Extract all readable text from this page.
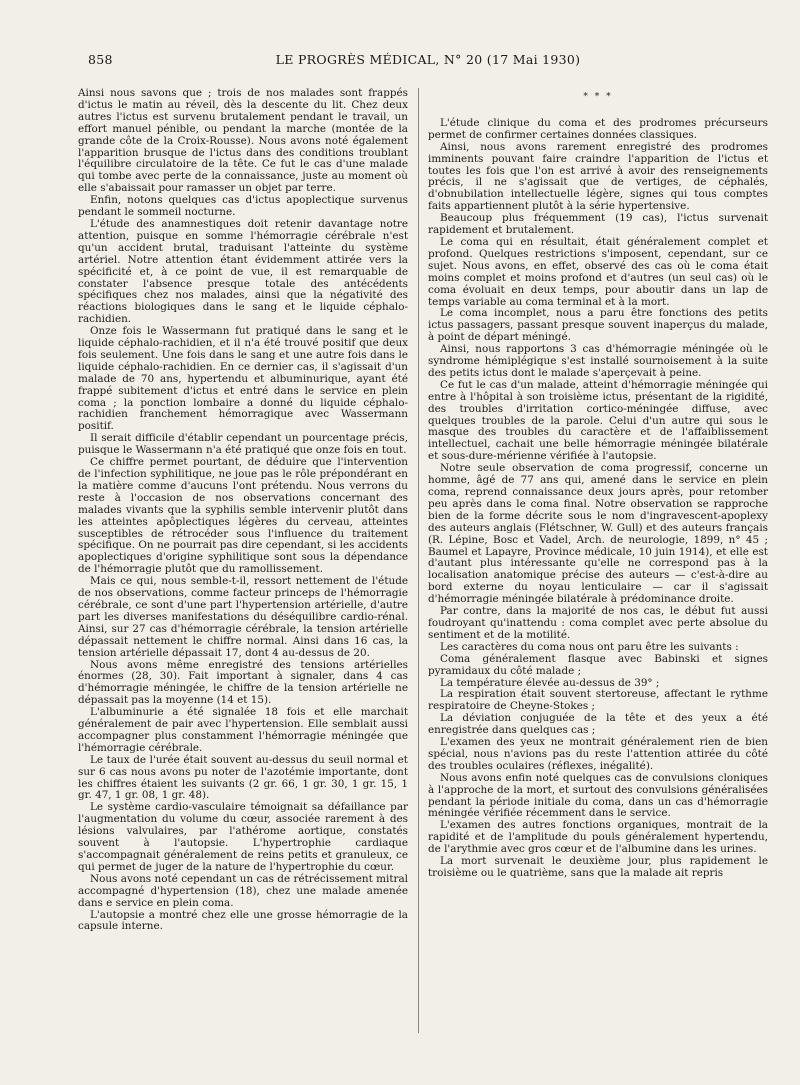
858	LE PROGRÈS MÉDICAL, N° 20 (17 Mai 1930)

Ainsi nous savons que ; trois de nos malades sont frappés d'ictus le matin au réveil, dès la descente du lit. Chez deux autres l'ictus est survenu brutalement pendant le travail, un effort manuel pénible, ou pendant la marche (montée de la grande côte de la Croix-Rousse). Nous avons noté également l'apparition brusque de l'ictus dans des conditions troublant l'équilibre circulatoire de la tête. Ce fut le cas d'une malade qui tombe avec perte de la connaissance, juste au moment où elle s'abaissait pour ramasser un objet par terre.

Enfin, notons quelques cas d'ictus apoplectique survenus pendant le sommeil nocturne.

L'étude des anamnestiques doit retenir davantage notre attention, puisque en somme l'hémorragie cérébrale n'est qu'un accident brutal, traduisant l'atteinte du système artériel. Notre attention étant évidemment attirée vers la spécificité et, à ce point de vue, il est remarquable de constater l'absence presque totale des antécédents spécifiques chez nos malades, ainsi que la négativité des réactions biologiques dans le sang et le liquide céphalo-rachidien.

Onze fois le Wassermann fut pratiqué dans le sang et le liquide céphalo-rachidien, et il n'a été trouvé positif que deux fois seulement. Une fois dans le sang et une autre fois dans le liquide céphalo-rachidien. En ce dernier cas, il s'agissait d'un malade de 70 ans, hypertendu et albuminurique, ayant été frappé subitement d'ictus et entré dans le service en plein coma ; la ponction lombaire a donné du liquide céphalo-rachidien franchement hémorragique avec Wassermann positif.

Il serait difficile d'établir cependant un pourcentage précis, puisque le Wassermann n'a été pratiqué que onze fois en tout.

Ce chiffre permet pourtant, de déduire que l'intervention de l'infection syphilitique, ne joue pas le rôle prépondérant en la matière comme d'aucuns l'ont prétendu. Nous verrons du reste à l'occasion de nos observations concernant des malades vivants que la syphilis semble intervenir plutôt dans les atteintes apôplectiques légères du cerveau, atteintes susceptibles de rétrocéder sous l'influence du traitement spécifique. On ne pourrait pas dire cependant, si les accidents apoplectiques d'origine syphilitique sont sous la dépendance de l'hémorragie plutôt que du ramollissement.

Mais ce qui, nous semble-t-il, ressort nettement de l'étude de nos observations, comme facteur princeps de l'hémorragie cérébrale, ce sont d'une part l'hypertension artérielle, d'autre part les diverses manifestations du déséquilibre cardio-rénal. Ainsi, sur 27 cas d'hémorragie cérébrale, la tension artérielle dépassait nettement le chiffre normal. Ainsi dans 16 cas, la tension artérielle dépassait 17, dont 4 au-dessus de 20.

Nous avons même enregistré des tensions artérielles énormes (28, 30). Fait important à signaler, dans 4 cas d'hémorragie méningée, le chiffre de la tension artérielle ne dépassait pas la moyenne (14 et 15).

L'albuminurie a été signalée 18 fois et elle marchait généralement de pair avec l'hypertension. Elle semblait aussi accompagner plus constamment l'hémorragie méningée que l'hémorragie cérébrale.

Le taux de l'urée était souvent au-dessus du seuil normal et sur 6 cas nous avons pu noter de l'azotémie importante, dont les chiffres étaient les suivants (2 gr. 66, 1 gr. 30, 1 gr. 15, 1 gr. 47, 1 gr. 08, 1 gr. 48).

Le système cardio-vasculaire témoignait sa défaillance par l'augmentation du volume du cœur, associée rarement à des lésions valvulaires, par l'athérome aortique, constatés souvent à l'autopsie. L'hypertrophie cardiaque s'accompagnait généralement de reins petits et granuleux, ce qui permet de juger de la nature de l'hypertrophie du cœur.

Nous avons noté cependant un cas de rétrécissement mitral accompagné d'hypertension (18), chez une malade amenée dans e service en plein coma.

L'autopsie a montré chez elle une grosse hémorragie de la capsule interne.

* * *

L'étude clinique du coma et des prodromes précurseurs permet de confirmer certaines données classiques.

Ainsi, nous avons rarement enregistré des prodromes imminents pouvant faire craindre l'apparition de l'ictus et toutes les fois que l'on est arrivé à avoir des renseignements précis, il ne s'agissait que de vertiges, de céphalés, d'obnubilation intellectuelle légère, signes qui tous comptes faits appartiennent plutôt à la série hypertensive.

Beaucoup plus fréquemment (19 cas), l'ictus survenait rapidement et brutalement.

Le coma qui en résultait, était généralement complet et profond. Quelques restrictions s'imposent, cependant, sur ce sujet. Nous avons, en effet, observé des cas où le coma était moins complet et moins profond et d'autres (un seul cas) où le coma évoluait en deux temps, pour aboutir dans un lap de temps variable au coma terminal et à la mort.

Le coma incomplet, nous a paru être fonctions des petits ictus passagers, passant presque souvent inaperçus du malade, à point de départ méningé.

Ainsi, nous rapportons 3 cas d'hémorragie méningée où le syndrome hémiplégique s'est installé sournoisement à la suite des petits ictus dont le malade s'aperçevait à peine.

Ce fut le cas d'un malade, atteint d'hémorragie méningée qui entre à l'hôpital à son troisième ictus, présentant de la rigidité, des troubles d'irritation cortico-méningée diffuse, avec quelques troubles de la parole. Celui d'un autre qui sous le masque des troubles du caractère et de l'affaiblissement intellectuel, cachait une belle hémorragie méningée bilatérale et sous-dure-mérienne vérifiée à l'autopsie.

Notre seule observation de coma progressif, concerne un homme, âgé de 77 ans qui, amené dans le service en plein coma, reprend connaissance deux jours après, pour retomber peu après dans le coma final. Notre observation se rapproche bien de la forme décrite sous le nom d'ingravescent-apoplexy des auteurs anglais (Flétschner, W. Gull) et des auteurs français (R. Lépine, Bosc et Vadel, Arch. de neurologie, 1899, n° 45 ; Baumel et Lapayre, Province médicale, 10 juin 1914), et elle est d'autant plus intéressante qu'elle ne correspond pas à la localisation anatomique précise des auteurs — c'est-à-dire au bord externe du noyau lenticulaire — car il s'agissait d'hémorragie méningée bilatérale à prédominance droite.

Par contre, dans la majorité de nos cas, le début fut aussi foudroyant qu'inattendu : coma complet avec perte absolue du sentiment et de la motilité.

Les caractères du coma nous ont paru être les suivants :

Coma généralement flasque avec Babinski et signes pyramidaux du côté malade ;

La température élevée au-dessus de 39° ;

La respiration était souvent stertoreuse, affectant le rythme respiratoire de Cheyne-Stokes ;

La déviation conjuguée de la tête et des yeux a été enregistrée dans quelques cas ;

L'examen des yeux ne montrait généralement rien de bien spécial, nous n'avions pas du reste l'attention attirée du côté des troubles oculaires (réflexes, inégalité).

Nous avons enfin noté quelques cas de convulsions cloniques à l'approche de la mort, et surtout des convulsions généralisées pendant la période initiale du coma, dans un cas d'hémorragie méningée vérifiée récemment dans le service.

L'examen des autres fonctions organiques, montrait de la rapidité et de l'amplitude du pouls généralement hypertendu, de l'arythmie avec gros cœur et de l'albumine dans les urines.

La mort survenait le deuxième jour, plus rapidement le troisième ou le quatrième, sans que la malade ait repris
